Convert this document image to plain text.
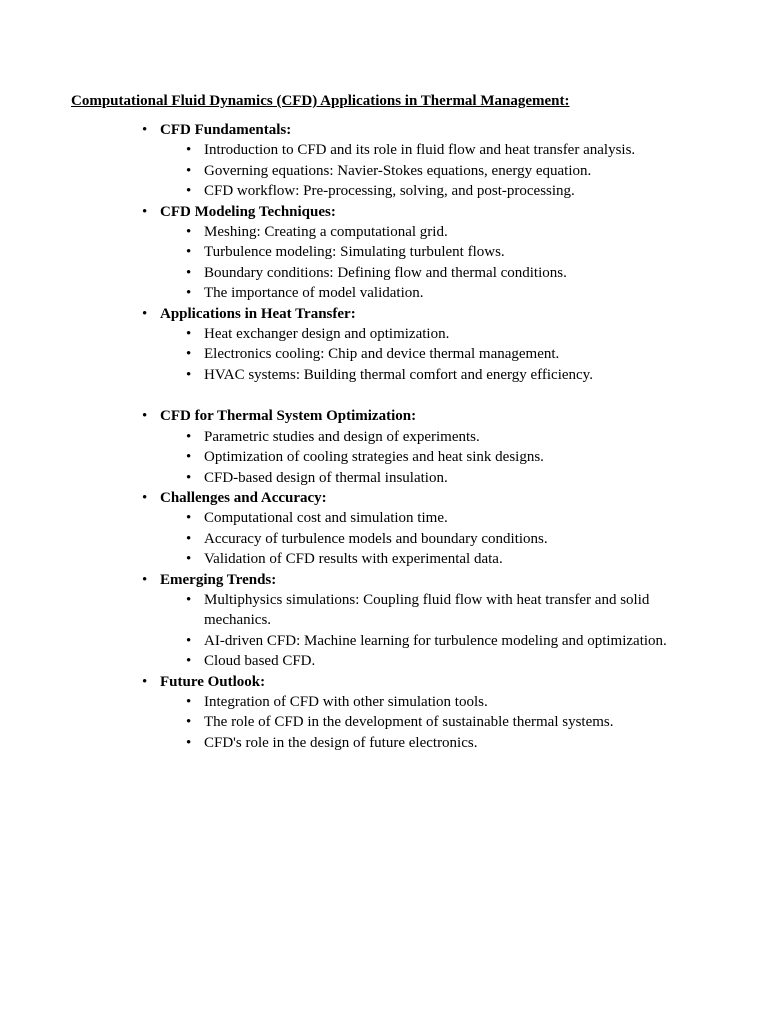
Computational Fluid Dynamics (CFD) Applications in Thermal Management:
• CFD Fundamentals:
• Introduction to CFD and its role in fluid flow and heat transfer analysis.
• Governing equations: Navier-Stokes equations, energy equation.
• CFD workflow: Pre-processing, solving, and post-processing.
• CFD Modeling Techniques:
• Meshing: Creating a computational grid.
• Turbulence modeling: Simulating turbulent flows.
• Boundary conditions: Defining flow and thermal conditions.
• The importance of model validation.
• Applications in Heat Transfer:
• Heat exchanger design and optimization.
• Electronics cooling: Chip and device thermal management.
• HVAC systems: Building thermal comfort and energy efficiency.
• CFD for Thermal System Optimization:
• Parametric studies and design of experiments.
• Optimization of cooling strategies and heat sink designs.
• CFD-based design of thermal insulation.
• Challenges and Accuracy:
• Computational cost and simulation time.
• Accuracy of turbulence models and boundary conditions.
• Validation of CFD results with experimental data.
• Emerging Trends:
• Multiphysics simulations: Coupling fluid flow with heat transfer and solid mechanics.
• AI-driven CFD: Machine learning for turbulence modeling and optimization.
• Cloud based CFD.
• Future Outlook:
• Integration of CFD with other simulation tools.
• The role of CFD in the development of sustainable thermal systems.
• CFD's role in the design of future electronics.
